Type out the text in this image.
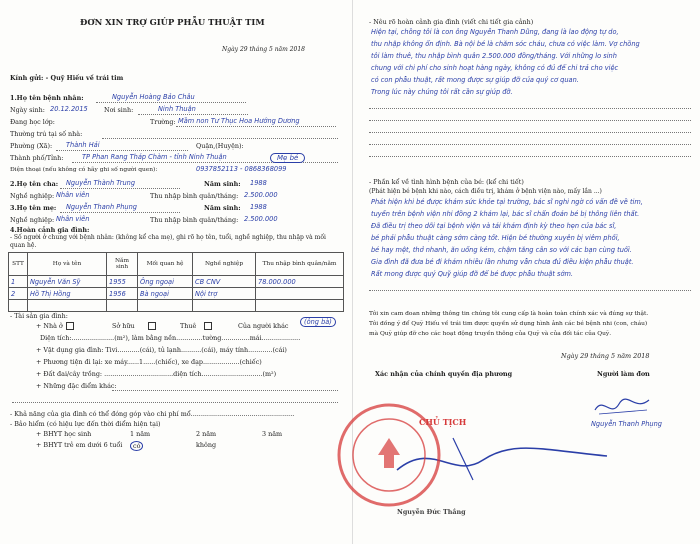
ĐƠN XIN TRỢ GIÚP PHẪU THUẬT TIM
Ngày 29 tháng 5 năm 2018
Kính gửi: - Quỹ Hiếu về trái tim
1.Họ tên bệnh nhân:	Nguyễn Hoàng Bảo Châu
Ngày sinh: 20.12.2015	Nơi sinh:	Ninh Thuận
Đang học lớp:	Trường: Mầm non Tư Thục Hoa Hướng Dương
Thường trú tại số nhà:
Phường (Xã): Thành Hải	Quận,(Huyện):
Thành phố/Tỉnh:	TP Phan Rang Tháp Chàm - tỉnh Ninh Thuận
Điện thoại (nếu không có hãy ghi số người quen):	0937852113 - 0868368099
Mẹ bé
2.Họ tên cha: Nguyễn Thành Trung	Năm sinh: 1988
Nghề nghiệp: Nhân viên	Thu nhập bình quân/tháng: 2.500.000
3.Họ tên mẹ: Nguyễn Thanh Phụng	Năm sinh: 1988
Nghề nghiệp: Nhân viên	Thu nhập bình quân/tháng: 2.500.000
4.Hoàn cảnh gia đình:
- Số người ở chung với bệnh nhân: (không kể cha mẹ), ghi rõ họ tên, tuổi, nghề nghiệp, thu nhập và mối quan hệ.
STT	Họ và tên	Năm sinh	Mối quan hệ	Nghề nghiệp	Thu nhập bình quân/năm
1	Nguyễn Văn Sỹ	1955	Ông ngoại	CB CNV	78.000.000
2	Hồ Thị Hồng	1956	Bà ngoại	Nội trợ	

- Tài sản gia đình:
+ Nhà ở	Sở hữu	Thuê	Của người khác	(ông bà)
Diện tích:.....................(m²), làm bằng nền.............tường..............mái...................
+ Vật dụng gia đình: Tivi...........(cái), tủ lạnh..........(cái), máy tính............(cái)
+ Phương tiện đi lại: xe máy......1......(chiếc), xe đạp..................(chiếc)
+ Đất đai/cây trồng: ..................................diện tích..............................(m²)
+ Những đặc điểm khác:
- Khả năng của gia đình có thể đóng góp vào chi phí mổ...................................................
- Bảo hiểm (có hiệu lực đến thời điểm hiện tại)
+ BHYT học sinh	1 năm	2 năm	3 năm
+ BHYT trẻ em dưới 6 tuổi	có	không
- Nêu rõ hoàn cảnh gia đình (viết chi tiết gia cảnh)
Hiện tại, chồng tôi là con ông Nguyễn Thanh Dũng, đang là lao động tự do,
thu nhập không ổn định. Bà nội bé là chăm sóc cháu, chưa có việc làm. Vợ chồng
tôi làm thuê, thu nhập bình quân 2.500.000 đồng/tháng. Với những lo sinh
chung với chi phí cho sinh hoạt hàng ngày, không có đủ để chi trả cho việc
có con phẫu thuật, rất mong được sự giúp đỡ của quý cơ quan.
Trong lúc này chúng tôi rất cần sự giúp đỡ.
- Phần kể về tình hình bệnh của bé: (kể chi tiết)
(Phát hiện bé bệnh khi nào, cách điều trị, khám ở bệnh viện nào, mấy lần ...)
Phát hiện khi bé được khám sức khỏe tại trường, bác sĩ nghi ngờ có vấn đề về tim,
tuyến trên bệnh viện nhi đồng 2 khám lại, bác sĩ chẩn đoán bé bị thông liên thất.
Đã điều trị theo dõi tại bệnh viện và tái khám định kỳ theo hẹn của bác sĩ,
bé phải phẫu thuật càng sớm càng tốt. Hiện bé thường xuyên bị viêm phổi,
bé hay mệt, thở nhanh, ăn uống kém, chậm tăng cân so với các bạn cùng tuổi.
Gia đình đã đưa bé đi khám nhiều lần nhưng vẫn chưa đủ điều kiện phẫu thuật.
Rất mong được quý Quỹ giúp đỡ để bé được phẫu thuật sớm.
Tôi xin cam đoan những thông tin chúng tôi cung cấp là hoàn toàn chính xác và đúng sự thật.
Tôi đồng ý để Quỹ Hiếu về trái tim được quyền sử dụng hình ảnh các bé bệnh nhi (con, cháu)
mà Quỹ giúp đỡ cho các hoạt động truyền thông của Quỹ và của đối tác của Quỹ.
Ngày 29 tháng 5 năm 2018
Xác nhận của chính quyền địa phương	Người làm đơn
Nguyễn Thanh Phụng
CHỦ TỊCH
Nguyễn Đức Thắng
